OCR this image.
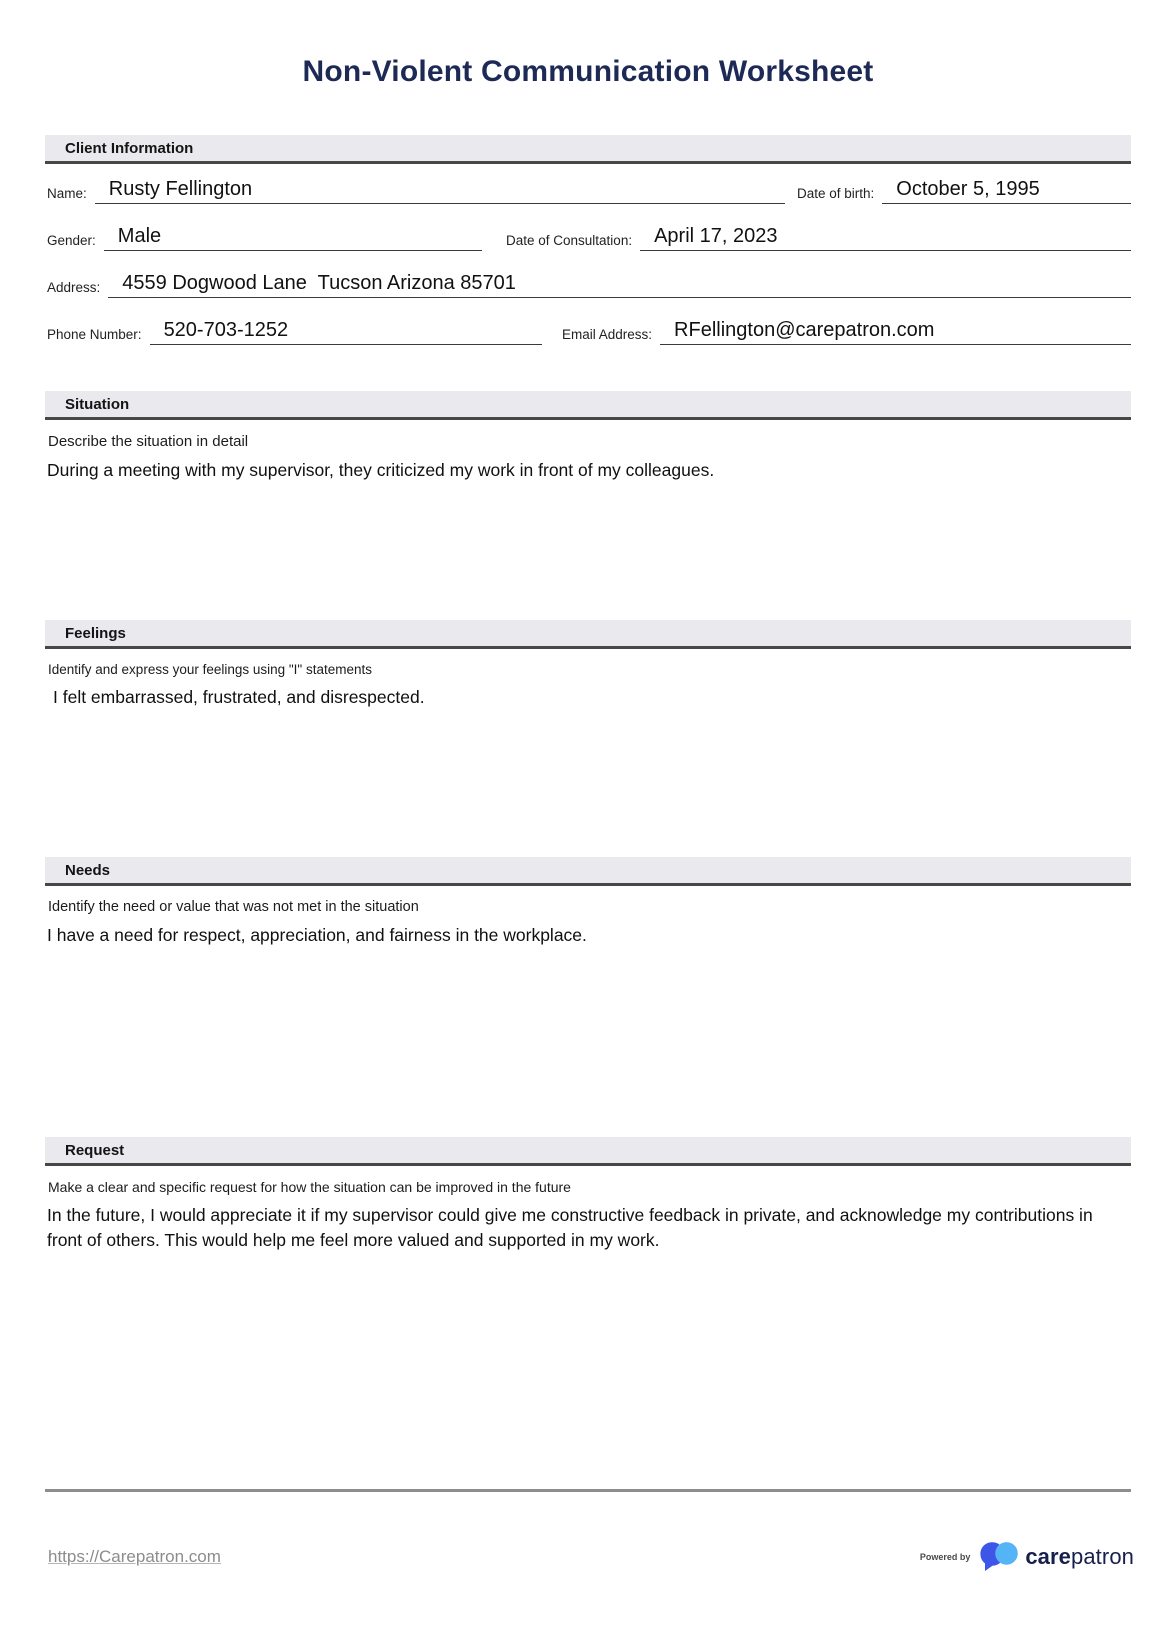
Non-Violent Communication Worksheet
Client Information
Name:	Rusty Fellington	Date of birth:	October 5, 1995
Gender:	Male	Date of Consultation:	April 17, 2023
Address:	4559 Dogwood Lane  Tucson Arizona 85701
Phone Number:	520-703-1252	Email Address:	RFellington@carepatron.com
Situation
Describe the situation in detail
During a meeting with my supervisor, they criticized my work in front of my colleagues.
Feelings
Identify and express your feelings using "I" statements
I felt embarrassed, frustrated, and disrespected.
Needs
Identify the need or value that was not met in the situation
I have a need for respect, appreciation, and fairness in the workplace.
Request
Make a clear and specific request for how the situation can be improved in the future
In the future, I would appreciate it if my supervisor could give me constructive feedback in private, and acknowledge my contributions in front of others. This would help me feel more valued and supported in my work.
https://Carepatron.com	Powered by	carepatron
